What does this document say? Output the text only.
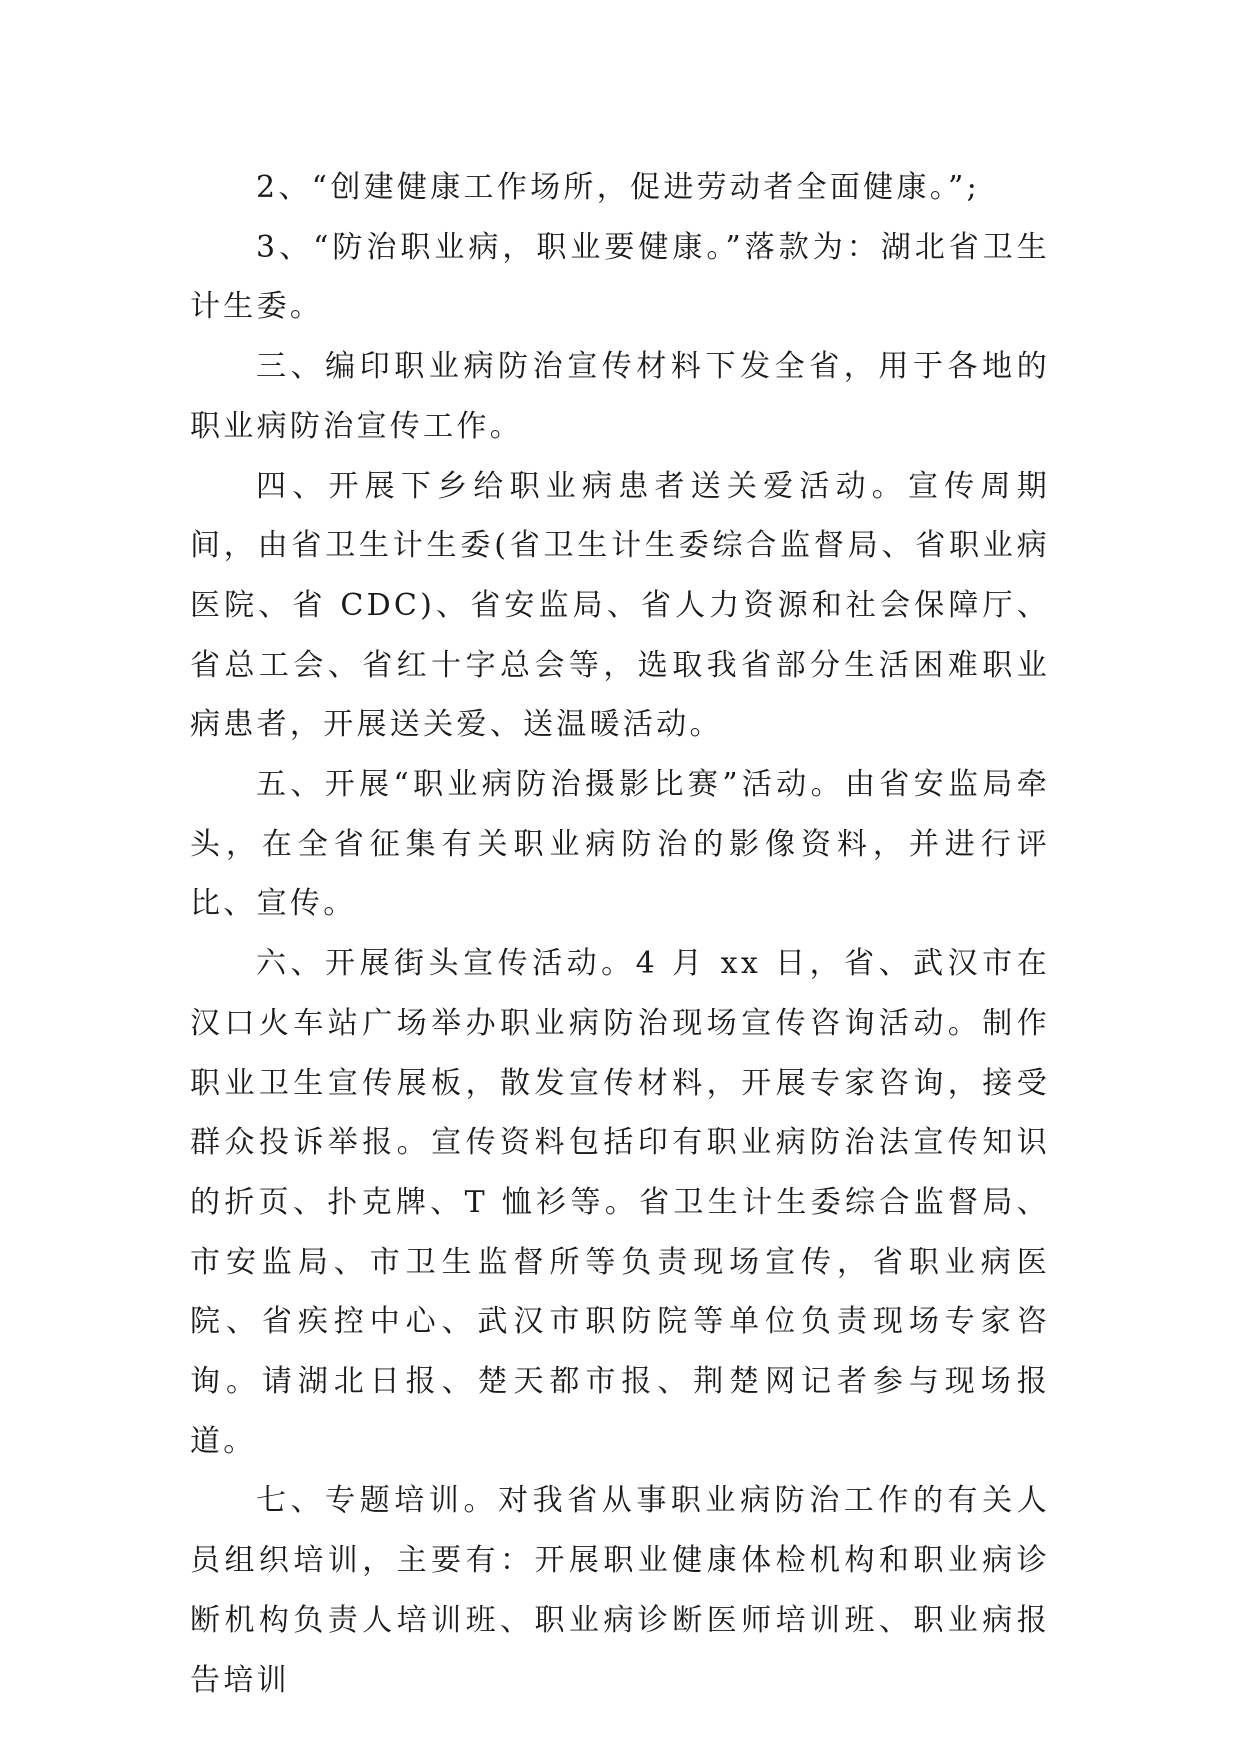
2、“创建健康工作场所，促进劳动者全面健康。”;

3、“防治职业病，职业要健康。”落款为：湖北省卫生计生委。

三、编印职业病防治宣传材料下发全省，用于各地的职业病防治宣传工作。

四、开展下乡给职业病患者送关爱活动。宣传周期间，由省卫生计生委(省卫生计生委综合监督局、省职业病医院、省 CDC)、省安监局、省人力资源和社会保障厅、省总工会、省红十字总会等，选取我省部分生活困难职业病患者，开展送关爱、送温暖活动。

五、开展“职业病防治摄影比赛”活动。由省安监局牵头，在全省征集有关职业病防治的影像资料，并进行评比、宣传。

六、开展街头宣传活动。4 月 xx 日，省、武汉市在汉口火车站广场举办职业病防治现场宣传咨询活动。制作职业卫生宣传展板，散发宣传材料，开展专家咨询，接受群众投诉举报。宣传资料包括印有职业病防治法宣传知识的折页、扑克牌、T 恤衫等。省卫生计生委综合监督局、市安监局、市卫生监督所等负责现场宣传，省职业病医院、省疾控中心、武汉市职防院等单位负责现场专家咨询。请湖北日报、楚天都市报、荆楚网记者参与现场报道。

七、专题培训。对我省从事职业病防治工作的有关人员组织培训，主要有：开展职业健康体检机构和职业病诊断机构负责人培训班、职业病诊断医师培训班、职业病报告培训
